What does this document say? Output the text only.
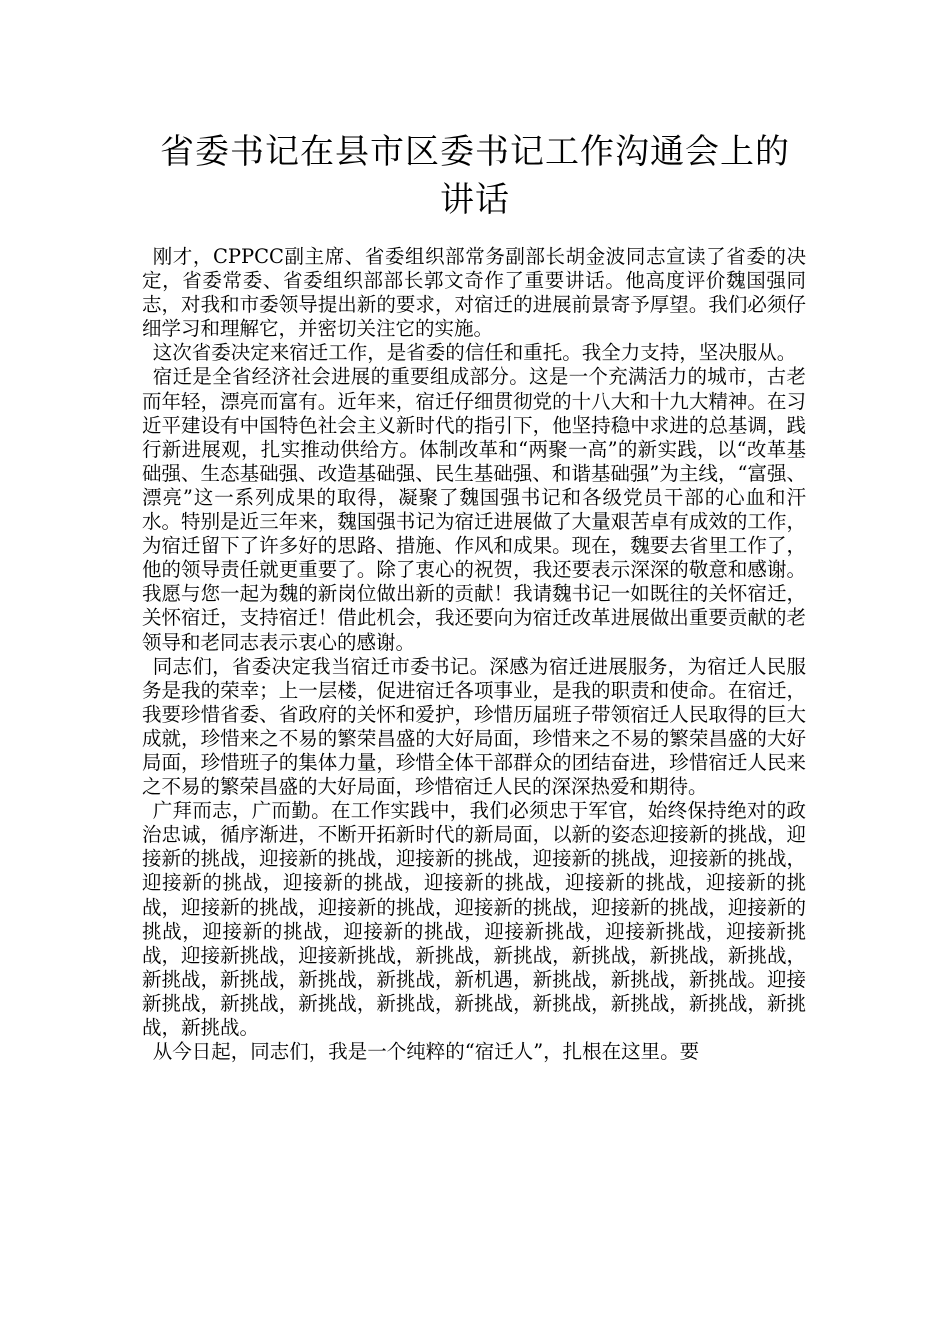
省委书记在县市区委书记工作沟通会上的
讲话

刚才，CPPCC副主席、省委组织部常务副部长胡金波同志宣读了省委的决定，省委常委、省委组织部部长郭文奇作了重要讲话。他高度评价魏国强同志，对我和市委领导提出新的要求，对宿迁的进展前景寄予厚望。我们必须仔细学习和理解它，并密切关注它的实施。

这次省委决定来宿迁工作，是省委的信任和重托。我全力支持，坚决服从。

宿迁是全省经济社会进展的重要组成部分。这是一个充满活力的城市，古老而年轻，漂亮而富有。近年来，宿迁仔细贯彻党的十八大和十九大精神。在习近平建设有中国特色社会主义新时代的指引下，他坚持稳中求进的总基调，践行新进展观，扎实推动供给方。体制改革和“两聚一高”的新实践，以“改革基础强、生态基础强、改造基础强、民生基础强、和谐基础强”为主线，“富强、漂亮”这一系列成果的取得，凝聚了魏国强书记和各级党员干部的心血和汗水。特别是近三年来，魏国强书记为宿迁进展做了大量艰苦卓有成效的工作，为宿迁留下了许多好的思路、措施、作风和成果。现在，魏要去省里工作了，他的领导责任就更重要了。除了衷心的祝贺，我还要表示深深的敬意和感谢。我愿与您一起为魏的新岗位做出新的贡献！我请魏书记一如既往的关怀宿迁，关怀宿迁，支持宿迁！借此机会，我还要向为宿迁改革进展做出重要贡献的老领导和老同志表示衷心的感谢。

同志们，省委决定我当宿迁市委书记。深感为宿迁进展服务，为宿迁人民服务是我的荣幸；上一层楼，促进宿迁各项事业，是我的职责和使命。在宿迁，我要珍惜省委、省政府的关怀和爱护，珍惜历届班子带领宿迁人民取得的巨大成就，珍惜来之不易的繁荣昌盛的大好局面，珍惜来之不易的繁荣昌盛的大好局面，珍惜班子的集体力量，珍惜全体干部群众的团结奋进，珍惜宿迁人民来之不易的繁荣昌盛的大好局面，珍惜宿迁人民的深深热爱和期待。

广拜而志，广而勤。在工作实践中，我们必须忠于军官，始终保持绝对的政治忠诚，循序渐进，不断开拓新时代的新局面，以新的姿态迎接新的挑战，迎接新的挑战，迎接新的挑战，迎接新的挑战，迎接新的挑战，迎接新的挑战，迎接新的挑战，迎接新的挑战，迎接新的挑战，迎接新的挑战，迎接新的挑战，迎接新的挑战，迎接新的挑战，迎接新的挑战，迎接新的挑战，迎接新的挑战，迎接新的挑战，迎接新的挑战，迎接新挑战，迎接新挑战，迎接新挑战，迎接新挑战，迎接新挑战，新挑战，新挑战，新挑战，新挑战，新挑战，新挑战，新挑战，新挑战，新挑战，新机遇，新挑战，新挑战，新挑战。迎接新挑战，新挑战，新挑战，新挑战，新挑战，新挑战，新挑战，新挑战，新挑战，新挑战。

从今日起，同志们，我是一个纯粹的“宿迁人”，扎根在这里。要
